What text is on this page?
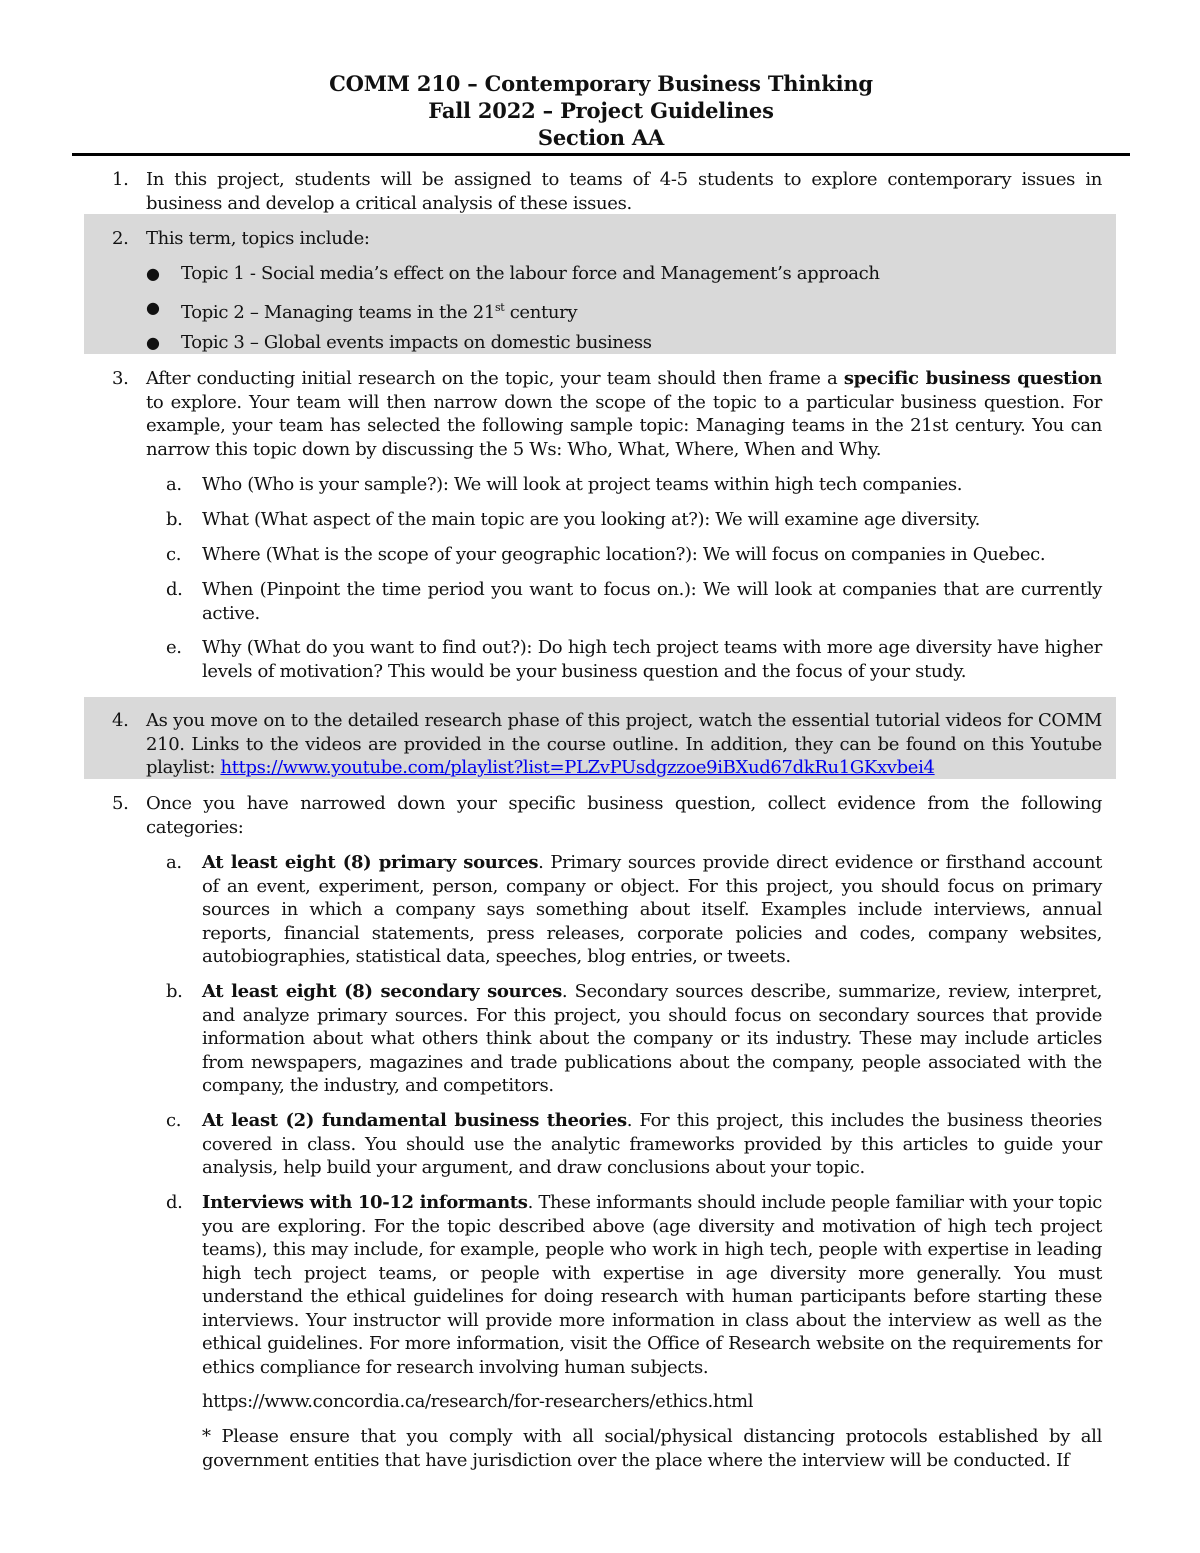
COMM 210 – Contemporary Business Thinking
Fall 2022 – Project Guidelines
Section AA
1. In this project, students will be assigned to teams of 4-5 students to explore contemporary issues in business and develop a critical analysis of these issues.
2. This term, topics include:
● Topic 1 - Social media’s effect on the labour force and Management’s approach
● Topic 2 – Managing teams in the 21st century
● Topic 3 – Global events impacts on domestic business
3. After conducting initial research on the topic, your team should then frame a specific business question to explore. Your team will then narrow down the scope of the topic to a particular business question. For example, your team has selected the following sample topic: Managing teams in the 21st century. You can narrow this topic down by discussing the 5 Ws: Who, What, Where, When and Why.
a. Who (Who is your sample?): We will look at project teams within high tech companies.
b. What (What aspect of the main topic are you looking at?): We will examine age diversity.
c. Where (What is the scope of your geographic location?): We will focus on companies in Quebec.
d. When (Pinpoint the time period you want to focus on.): We will look at companies that are currently active.
e. Why (What do you want to find out?): Do high tech project teams with more age diversity have higher levels of motivation? This would be your business question and the focus of your study.
4. As you move on to the detailed research phase of this project, watch the essential tutorial videos for COMM 210. Links to the videos are provided in the course outline. In addition, they can be found on this Youtube playlist: https://www.youtube.com/playlist?list=PLZvPUsdgzzoe9iBXud67dkRu1GKxvbei4
5. Once you have narrowed down your specific business question, collect evidence from the following categories:
a. At least eight (8) primary sources. Primary sources provide direct evidence or firsthand account of an event, experiment, person, company or object. For this project, you should focus on primary sources in which a company says something about itself. Examples include interviews, annual reports, financial statements, press releases, corporate policies and codes, company websites, autobiographies, statistical data, speeches, blog entries, or tweets.
b. At least eight (8) secondary sources. Secondary sources describe, summarize, review, interpret, and analyze primary sources. For this project, you should focus on secondary sources that provide information about what others think about the company or its industry. These may include articles from newspapers, magazines and trade publications about the company, people associated with the company, the industry, and competitors.
c. At least (2) fundamental business theories. For this project, this includes the business theories covered in class. You should use the analytic frameworks provided by this articles to guide your analysis, help build your argument, and draw conclusions about your topic.
d. Interviews with 10-12 informants. These informants should include people familiar with your topic you are exploring. For the topic described above (age diversity and motivation of high tech project teams), this may include, for example, people who work in high tech, people with expertise in leading high tech project teams, or people with expertise in age diversity more generally. You must understand the ethical guidelines for doing research with human participants before starting these interviews. Your instructor will provide more information in class about the interview as well as the ethical guidelines. For more information, visit the Office of Research website on the requirements for ethics compliance for research involving human subjects.
https://www.concordia.ca/research/for-researchers/ethics.html
* Please ensure that you comply with all social/physical distancing protocols established by all government entities that have jurisdiction over the place where the interview will be conducted. If
